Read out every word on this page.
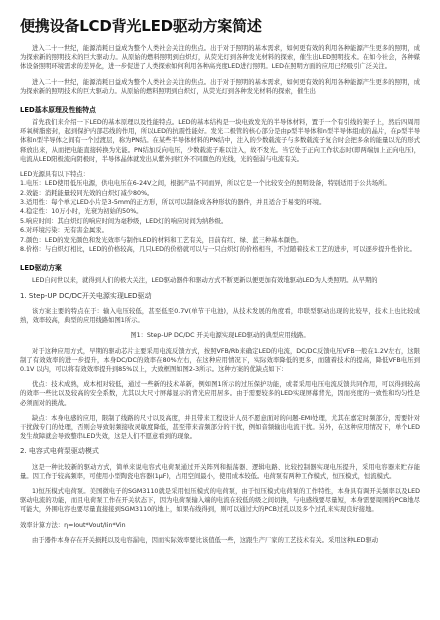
便携设备LCD背光LED驱动方案简述

进入二十一世纪，能源消耗日益成为整个人类社会关注的焦点。出于对于照明的基本需求，如何更有效的利用各种能源产生更多的照明，成为探索新的照明技术的巨大驱动力。从原始的燃料照明到白炽灯，从荧光灯到各种发光材料的探索，催生出LED照明技术。在如今社会，各种媒体设备照明环境需求的差异化，进一步促进了人类探索如何利用各种高亮度LED进行照明。LED在照明方面的应用已经吸引广泛关注。

进入二十一世纪，能源消耗日益成为整个人类社会关注的焦点。出于对于照明的基本需求，如何更有效的利用各种能源产生更多的照明，成为探索新的照明技术的巨大驱动力。从原始的燃料照明到白炽灯，从荧光灯到各种发光材料的探索，催生出

LED基本原理及性能特点

首先我们来介绍一下LED的基本原理以及性能特点。LED的基本结构是一块电致发光的半导体材料，置于一个有引线的架子上，然后四周用环氧树脂密封，起到保护内部芯线的作用，所以LED的抗震性能好。发光二极管的核心部分是由p型半导体和n型半导体组成的晶片，在p型半导体和n型半导体之间有一个过渡层，称为PN结。在某些半导体材料的PN结中，注入的少数载流子与多数载流子复合时会把多余的能量以光的形式释放出来，从而把电能直接转换为光能。PN结加反向电压，少数载流子难以注入，故不发光。当它处于正向工作状态时(即两端加上正向电压)，电流从LED阳极流向阴极时，半导体晶体就发出从紫外到红外不同颜色的光线，光的强弱与电流有关。

LED光源具有以下特点：

1.电压：LED使用低压电源，供电电压在6-24V之间，根据产品不同而异，所以它是一个比较安全的照明设备，特别适用于公共场所。

2.效能：消耗能量较同光效的白炽灯减少80%。

3.适用性：每个单元LED小片是3-5mm的正方形，所以可以制备成各种形状的器件，并且适合于易变的环境。

4.稳定性：10万小时，光衰为初始的50%。

5.响应时间：其白炽灯的响应时间为毫秒级，LED灯的响应时间为纳秒级。

6.对环境污染：无有害金属汞。

7.颜色：LED的发光颜色和发光效率与制作LED的材料和工艺有关，目前有红、绿、蓝三种基本颜色。

8.价格：与白炽灯相比，LED的价格较高，几只LED的价格就可以与一只白炽灯的价格相当，不过随着技术工艺的进步，可以逐步提升性价比。

LED驱动方案

LED自问世以来，就得到人们的极大关注，LED驱动器件和驱动方式不断更新以便更加有效地驱动LED为人类照明。从早期的

1. Step-UP DC/DC开关电源实现LED驱动

该方案主要的特点在于：输入电压较低，甚至低至0.7V(单节干电池)，从技术发展的角度看，串联型驱动出现的比较早，技术上也比较成熟，效率较高，典型的应用线路如图1所示。

图1：Step-UP DC/DC 开关电源实现LED驱动的典型应用线路。

对于这种应用方式，早期的驱动芯片主要采用电流反馈方式，按照VFB/Rb来确定LED的电流，DC/DC反馈电压VFB一般在1.2V左右，这限制了有效效率的进一步提升，本身DC/DC的效率在80%左右，在这种应用情况下，实际效率降低的更多，而随着技术的提高，降低VFB电压到0.1V 以内，可以将有效效率提升到85%以上，大致框图如图2-3所示。这种方案的优缺点如下：

优点：技术成熟，成本相对较低，通过一些新的技术革新，例如图1所示的过压保护功能，或者采用电压电流反馈共同作用，可以得到较高的效率一些比以及较高的安全系数，尤其以大尺寸屏幕显示的背光应用居多。由于需要较多的LED实现屏幕背光，因而亮度的一致性和均匀性是必须面对的挑战。

缺点：本身电感的应用，限制了线路的尺寸以及高度，并且带来工程设计人员不愿意面对的问题-EMI处理，尤其在嘉定时频部分，需要针对干扰做专门的处理，否则会导致射频接收灵敏度降低，甚至带来音频部分的干扰，例如音频输出电流干扰。另外，在这种应用情况下，单个LED发生故障就会导致整串LED失效，这是人们不愿意看到的现象。

2. 电容式电荷泵驱动模式

这是一种比较新的驱动方式，简单来说电容式电荷泵通过开关阵列和振荡器、逻辑电路、比较控制器实现电压提升，采用电容器来贮存能量。因工作于较高频率，可使用小型陶瓷电容器(1μF)，占用空间最小，使用成本较低。电荷泵有两种工作模式，恒压模式，恒流模式。

1)恒压模式电荷泵。美国微电子的SGM3110就是采用恒压模式的电荷泵，由于恒压模式电荷泵的工作特性，本身具有调开关频率以及LED驱动电流的功能，而且电荷泵工作在开关状态下，因为电荷泵输入端的电流在较低的级之间切换，与电感线要尽量短，本身需要周围的PCB地尽可能大，外围电容也要尽量直接接到SGM3110的地上，如果布线得到，则可以通过大的PCB过孔以及多个过孔来实现良好接地。

效率计算方法：η=Iout*Vout/Iin*Vin

由于器件本身存在开关损耗以及电容漏电，因而实际效率要比该值低一些，这跟生产厂家的工艺技术有关。采用这种LED驱动
